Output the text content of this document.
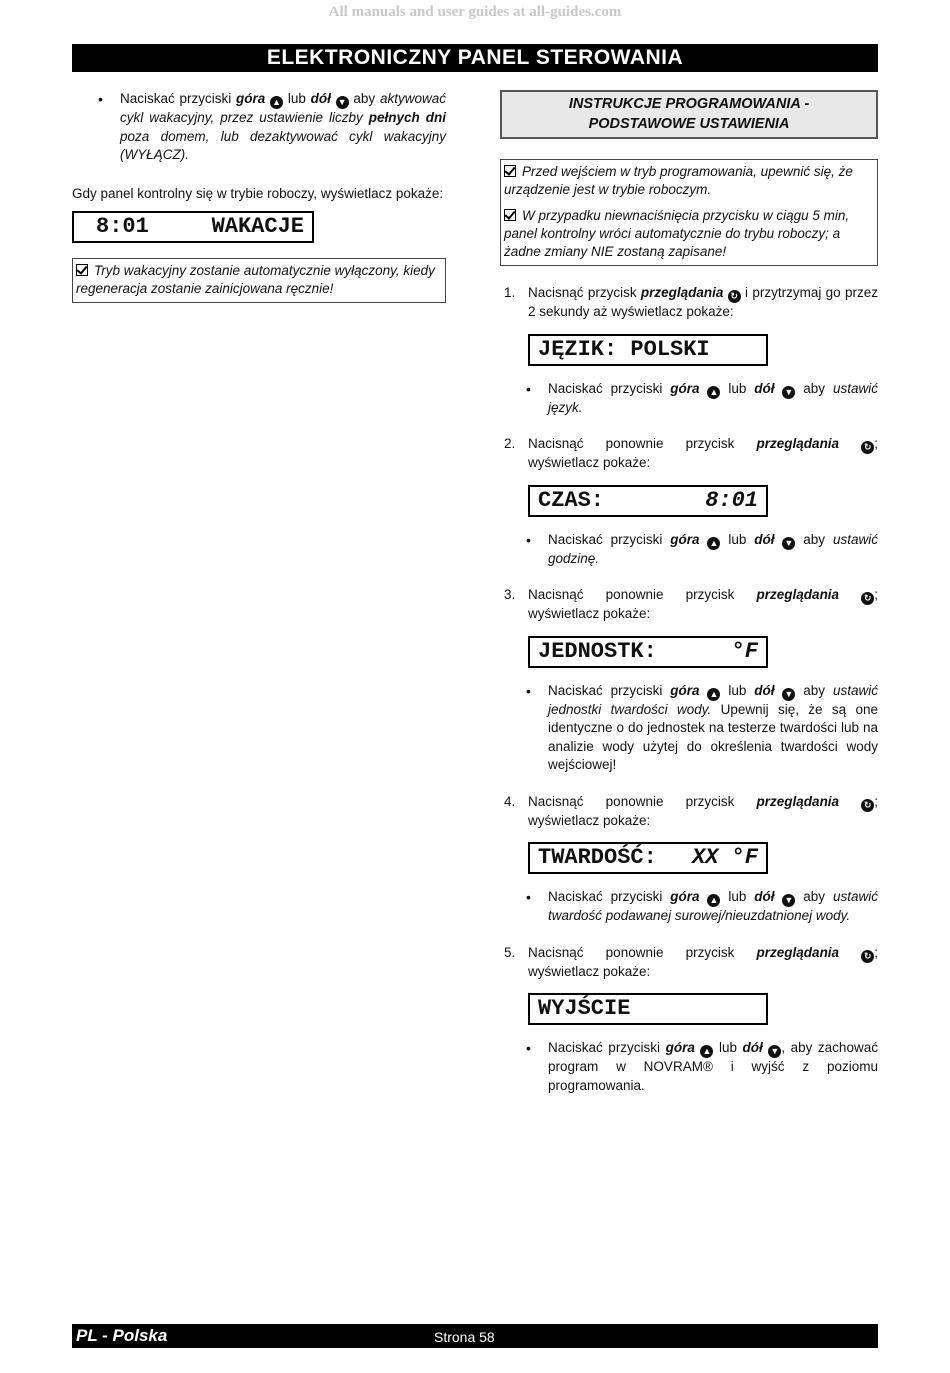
All manuals and user guides at all-guides.com
ELEKTRONICZNY PANEL STEROWANIA
• Naciskać przyciski góra ▲ lub dół ▼ aby aktywować cykl wakacyjny, przez ustawienie liczby pełnych dni poza domem, lub dezaktywować cykl wakacyjny (WYŁĄCZ).
Gdy panel kontrolny się w trybie roboczy, wyświetlacz pokaże:
8:01	WAKACJE
Tryb wakacyjny zostanie automatycznie wyłączony, kiedy regeneracja zostanie zainicjowana ręcznie!
INSTRUKCJE PROGRAMOWANIA -
PODSTAWOWE USTAWIENIA
Przed wejściem w tryb programowania, upewnić się, że urządzenie jest w trybie roboczym.
W przypadku niewnaciśnięcia przycisku w ciągu 5 min, panel kontrolny wróci automatycznie do trybu roboczy; a żadne zmiany NIE zostaną zapisane!
1. Nacisnąć przycisk przeglądania ↻ i przytrzymaj go przez 2 sekundy aż wyświetlacz pokaże:
JĘZIK: POLSKI
• Naciskać przyciski góra ▲ lub dół ▼ aby ustawić język.
2. Nacisnąć ponownie przycisk przeglądania	↻ ; wyświetlacz pokaże:
CZAS:	8:01
• Naciskać przyciski góra ▲ lub dół ▼ aby ustawić godzinę.
3. Nacisnąć ponownie przycisk przeglądania	↻ ; wyświetlacz pokaże:
JEDNOSTK:	°F
• Naciskać przyciski góra ▲ lub dół ▼ aby ustawić jednostki twardości wody. Upewnij się, że są one identyczne o do jednostek na testerze twardości lub na analizie wody użytej do określenia twardości wody wejściowej!
4. Nacisnąć ponownie przycisk przeglądania	↻ ; wyświetlacz pokaże:
TWARDOŚĆ: XX °F
• Naciskać przyciski góra ▲ lub dół ▼ aby ustawić twardość podawanej surowej/nieuzdatnionej wody.
5. Nacisnąć ponownie przycisk przeglądania	↻ ; wyświetlacz pokaże:
WYJŚCIE
• Naciskać przyciski góra ▲ lub dół ▼ , aby zachować program w NOVRAM® i wyjść z poziomu programowania.
PL - Polska	Strona 58
